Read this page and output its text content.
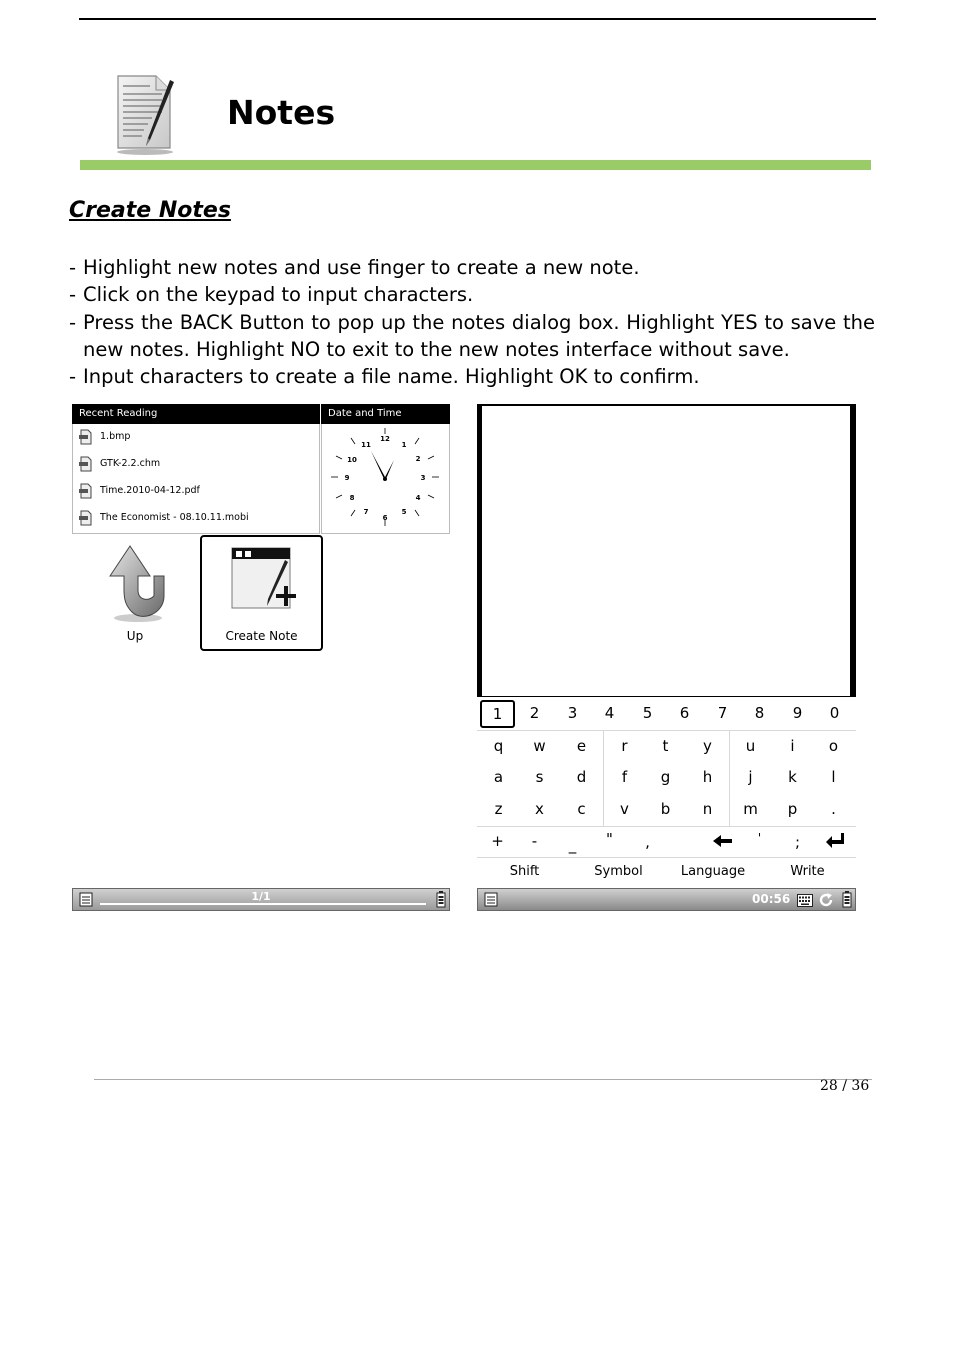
Notes
Create Notes
- Highlight new notes and use finger to create a new note.
- Click on the keypad to input characters.
- Press the BACK Button to pop up the notes dialog box. Highlight YES to save the new notes. Highlight NO to exit to the new notes interface without save.
- Input characters to create a file name. Highlight OK to confirm.
Recent Reading	Date and Time
1.bmp
GTK-2.2.chm
Time.2010-04-12.pdf
The Economist - 08.10.11.mobi
12
1
2
3
4
5
6
7
8
9
10
11
Up	Create Note
1/1
1	2	3	4	5	6	7	8	9	0
q	w	e	r	t	y	u	i	o
a	s	d	f	g	h	j	k	l
z	x	c	v	b	n	m	p	.
+	-	_	"	,	'	;
Shift	Symbol	Language	Write
00:56
28 / 36
